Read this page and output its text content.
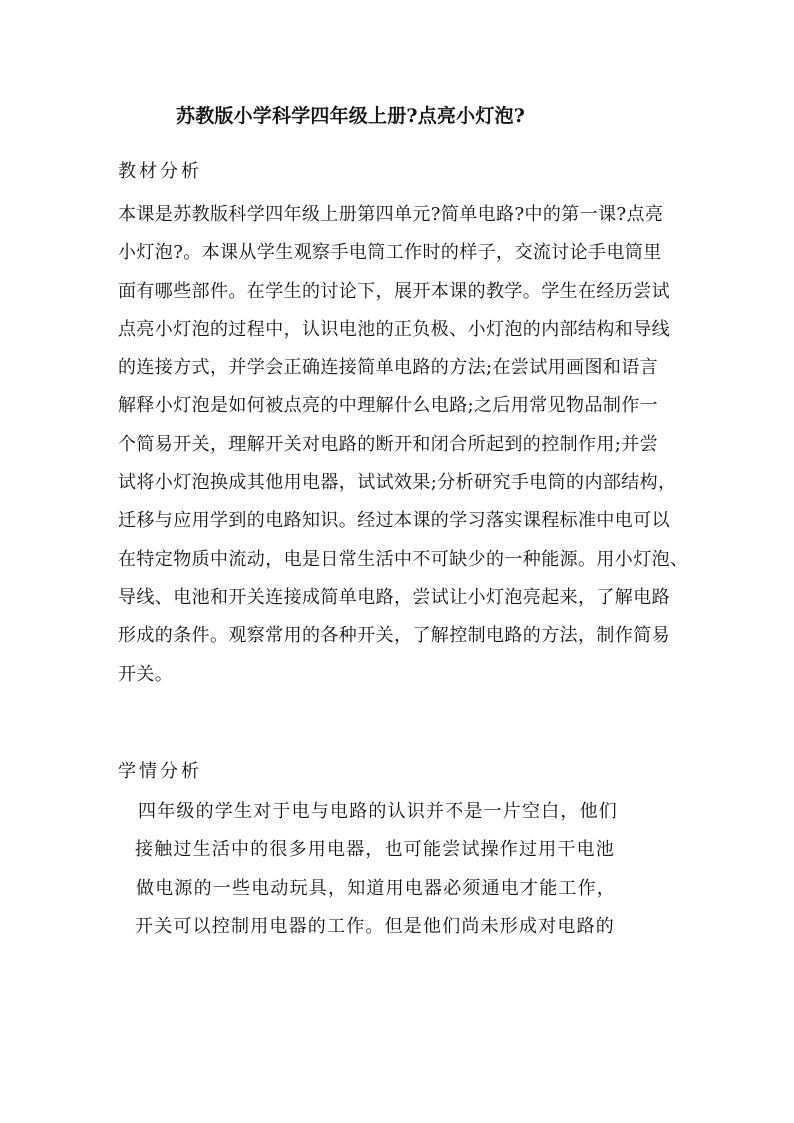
苏教版小学科学四年级上册?点亮小灯泡?
教材分析
本课是苏教版科学四年级上册第四单元?简单电路?中的第一课?点亮
小灯泡?。本课从学生观察手电筒工作时的样子，交流讨论手电筒里
面有哪些部件。在学生的讨论下，展开本课的教学。学生在经历尝试
点亮小灯泡的过程中，认识电池的正负极、小灯泡的内部结构和导线
的连接方式，并学会正确连接简单电路的方法;在尝试用画图和语言
解释小灯泡是如何被点亮的中理解什么电路;之后用常见物品制作一
个简易开关，理解开关对电路的断开和闭合所起到的控制作用;并尝
试将小灯泡换成其他用电器，试试效果;分析研究手电筒的内部结构，
迁移与应用学到的电路知识。经过本课的学习落实课程标准中电可以
在特定物质中流动，电是日常生活中不可缺少的一种能源。用小灯泡、
导线、电池和开关连接成简单电路，尝试让小灯泡亮起来，了解电路
形成的条件。观察常用的各种开关，了解控制电路的方法，制作简易
开关。
学情分析
四年级的学生对于电与电路的认识并不是一片空白，他们
接触过生活中的很多用电器，也可能尝试操作过用干电池
做电源的一些电动玩具，知道用电器必须通电才能工作，
开关可以控制用电器的工作。但是他们尚未形成对电路的
